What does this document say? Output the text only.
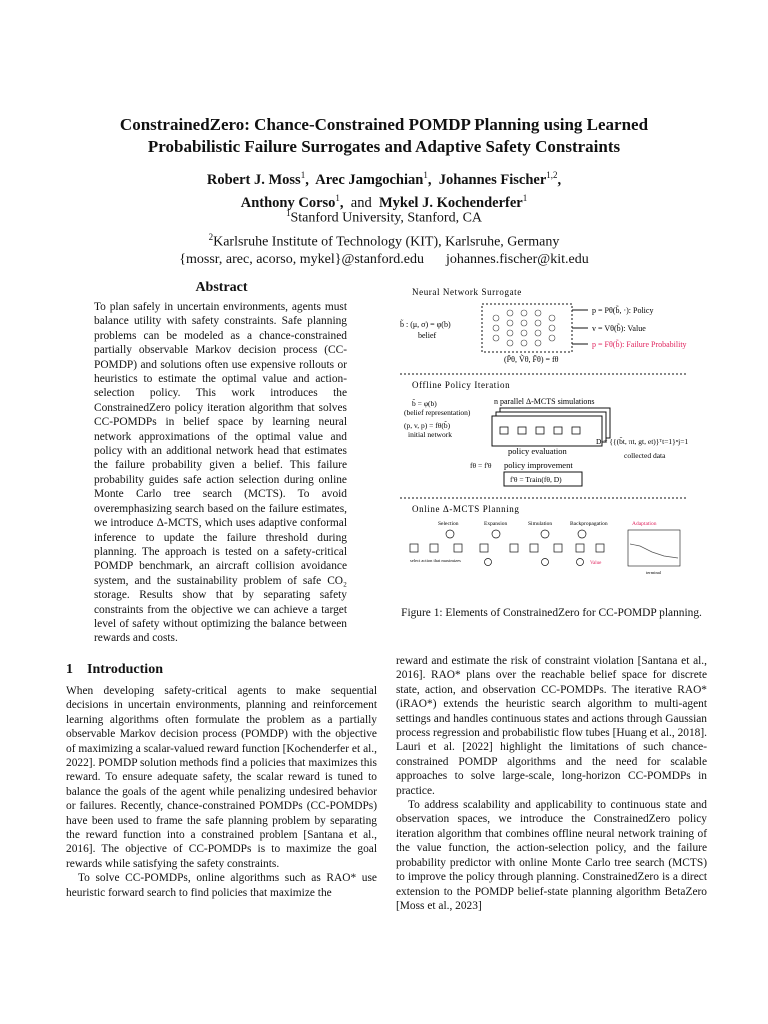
ConstrainedZero: Chance-Constrained POMDP Planning using Learned
Probabilistic Failure Surrogates and Adaptive Safety Constraints
Robert J. Moss$^1$,  Arec Jamgochian$^1$,  Johannes Fischer$^{1,2}$,
Anthony Corso$^1$,  and Mykel J. Kochenderfer$^1$
$^1$Stanford University, Stanford, CA
$^2$Karlsruhe Institute of Technology (KIT), Karlsruhe, Germany
{mossr, arec, acorso, mykel}@stanford.edu johannes.fischer@kit.edu
Abstract
To plan safely in uncertain environments, agents must balance utility with safety constraints. Safe planning problems can be modeled as a chance-constrained partially observable Markov decision process (CC-POMDP) and solutions often use expensive rollouts or heuristics to estimate the optimal value and action-selection policy. This work introduces the ConstrainedZero policy iteration algorithm that solves CC-POMDPs in belief space by learning neural network approximations of the optimal value and policy with an additional network head that estimates the failure probability given a belief. This failure probability guides safe action selection during online Monte Carlo tree search (MCTS). To avoid overemphasizing search based on the failure estimates, we introduce Δ-MCTS, which uses adaptive conformal inference to update the failure threshold during planning. The approach is tested on a safety-critical POMDP benchmark, an aircraft collision avoidance system, and the sustainability problem of safe CO₂ storage. Results show that by separating safety constraints from the objective we can achieve a target level of safety without optimizing the balance between rewards and costs.
1 Introduction

When developing safety-critical agents to make sequential decisions in uncertain environments, planning and reinforcement learning algorithms often formulate the problem as a partially observable Markov decision process (POMDP) with the objective of maximizing a scalar-valued reward function [Kochenderfer et al., 2022]. POMDP solution methods find a policies that maximizes this reward. To ensure adequate safety, the scalar reward is tuned to balance the goals of the agent while penalizing undesired behavior or failures. Recently, chance-constrained POMDPs (CC-POMDPs) have been used to frame the safe planning problem by separating the reward function into a constrained problem [Santana et al., 2016]. The objective of CC-POMDPs is to maximize the goal rewards while satisfying the safety constraints.

To solve CC-POMDPs, online algorithms such as RAO* use heuristic forward search to find policies that maximize the

reward and estimate the risk of constraint violation [Santana et al., 2016]. RAO* plans over the reachable belief space for discrete state, action, and observation CC-POMDPs. The iterative RAO* (iRAO*) extends the heuristic search algorithm to multi-agent settings and handles continuous states and actions through Gaussian process regression and probabilistic flow tubes [Huang et al., 2018]. Lauri et al. [2022] highlight the limitations of such chance-constrained POMDP algorithms and the need for scalable approaches to solve large-scale, long-horizon CC-POMDPs in practice.

To address scalability and applicability to continuous state and observation spaces, we introduce the ConstrainedZero policy iteration algorithm that combines offline neural network training of the value function, the action-selection policy, and the failure probability predictor with online Monte Carlo tree search (MCTS) to improve the policy through planning. ConstrainedZero is a direct extension to the POMDP belief-state planning algorithm BetaZero [Moss et al., 2023]

Neural Network Surrogate
b̃ : (μ, σ) = φ(b)
belief
(P̃θ, Ṽθ, F̃θ) = fθ
p = Pθ(b̃, ·): Policy
v = Vθ(b̃): Value
p = Fθ(b̃): Failure Probability
Offline Policy Iteration
b̃ = φ(b)
(belief representation)
(p, v, p) = fθ(b̃)
initial network
n parallel Δ-MCTS simulations
policy evaluation
fθ = f'θ policy improvement
f'θ = Train(fθ, D)
D = {{(b̃t, πt, gt, et)}ᵀt=1}ⁿj=1
collected data
Online Δ-MCTS Planning
Selection	Expansion	Simulation	Backpropagation	Adaptation
select action that maximizes
Value
terminal
Figure 1: Elements of ConstrainedZero for CC-POMDP planning.
